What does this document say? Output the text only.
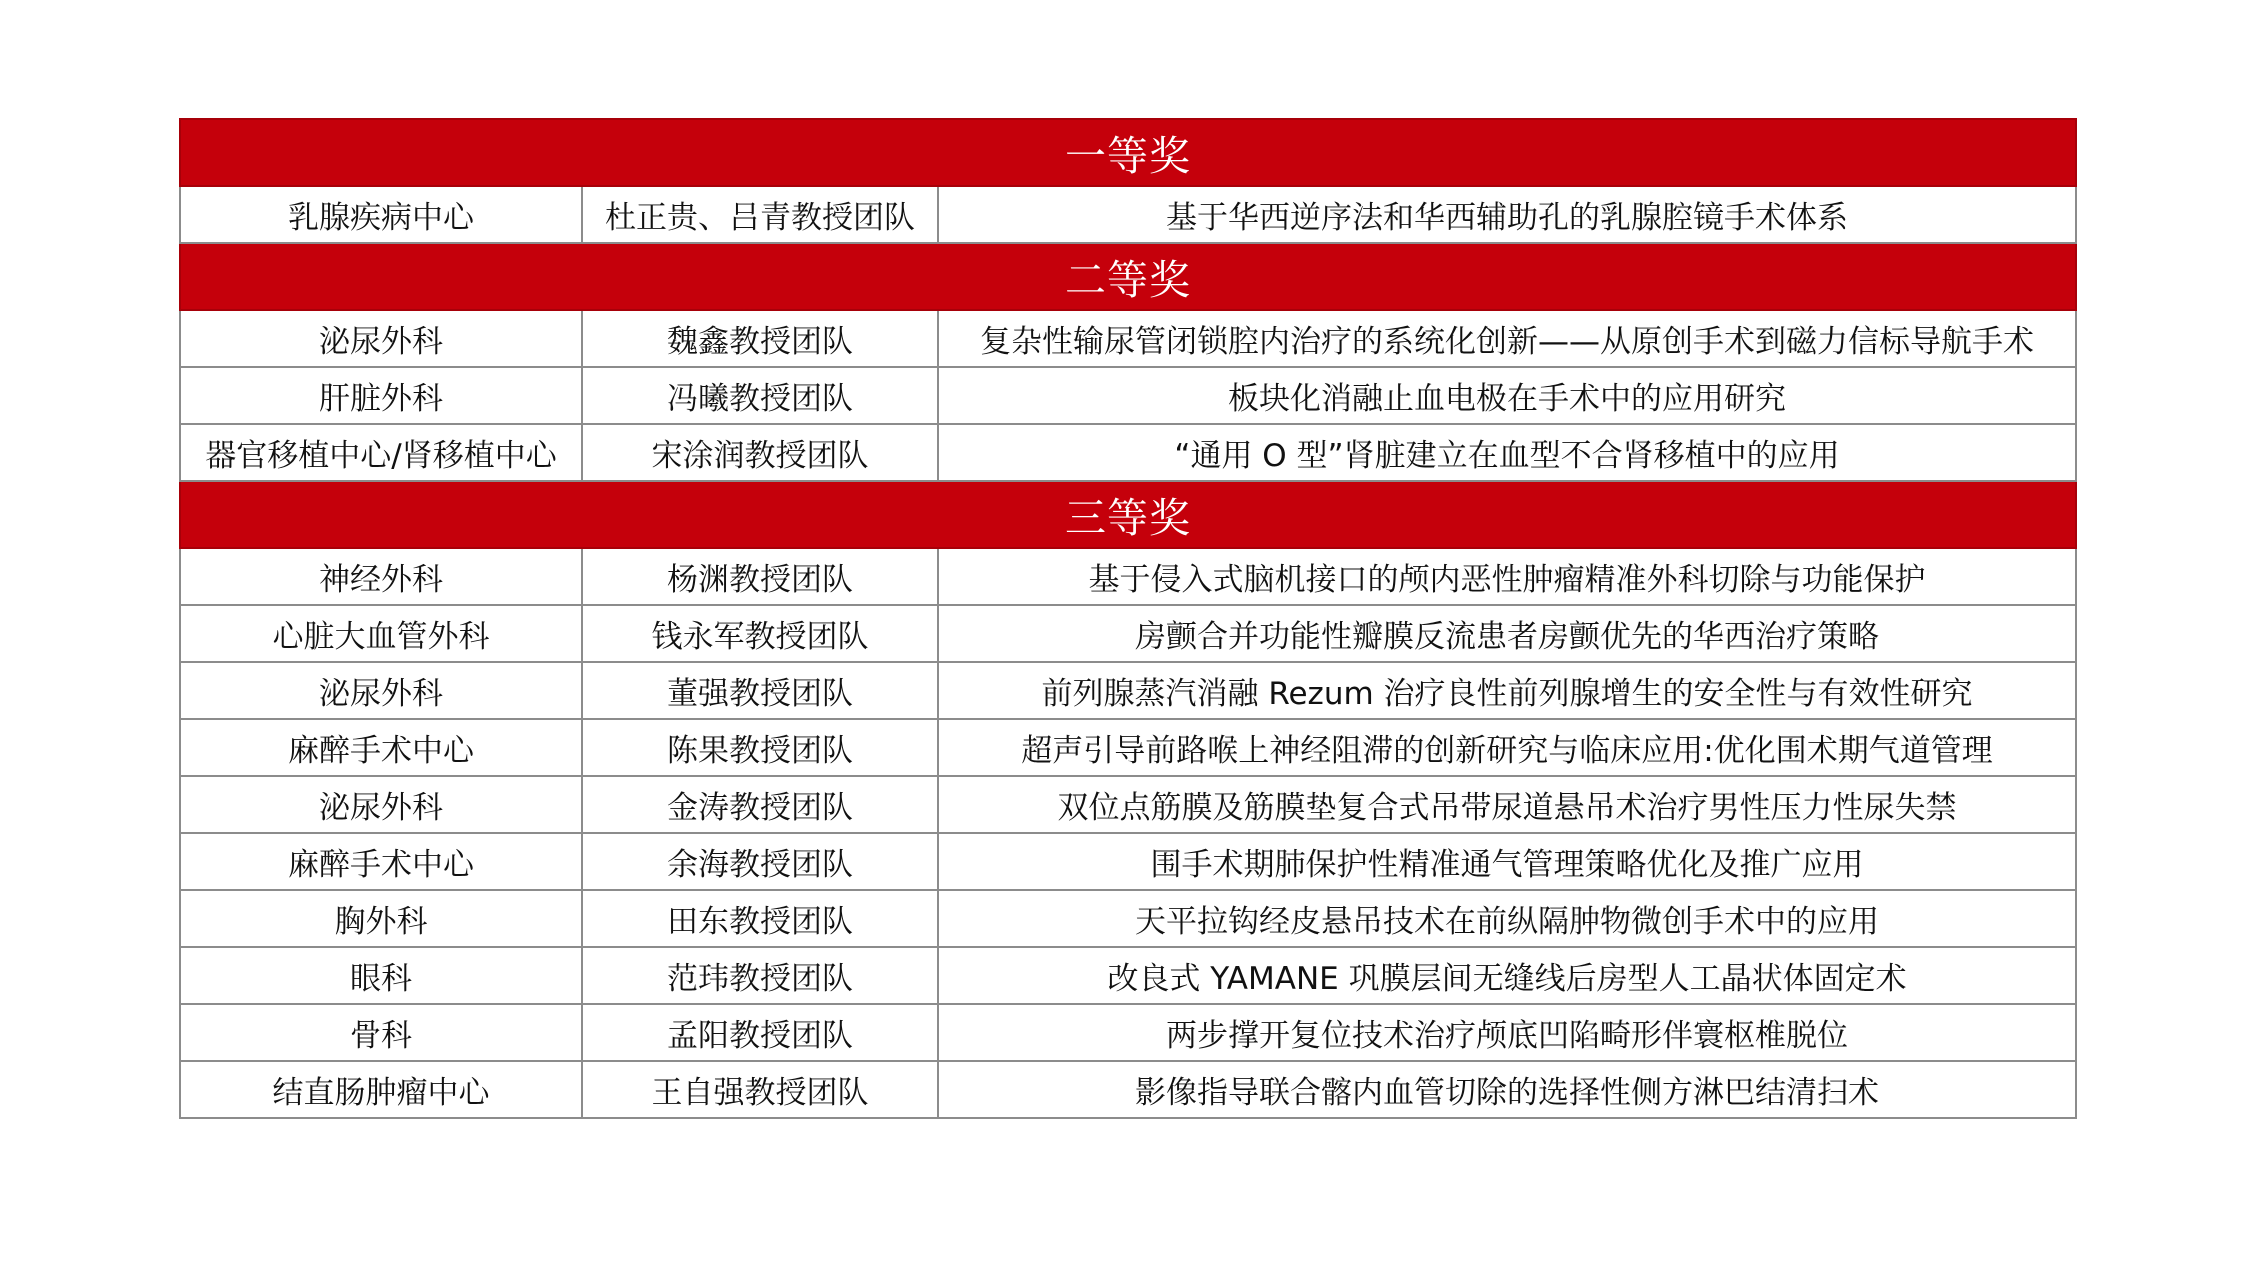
一等奖		
乳腺疾病中心	杜正贵、吕青教授团队	基于华西逆序法和华西辅助孔的乳腺腔镜手术体系
二等奖		
泌尿外科	魏鑫教授团队	复杂性输尿管闭锁腔内治疗的系统化创新——从原创手术到磁力信标导航手术
肝脏外科	冯曦教授团队	板块化消融止血电极在手术中的应用研究
器官移植中心/肾移植中心	宋涂润教授团队	“通用 O 型”肾脏建立在血型不合肾移植中的应用
三等奖		
神经外科	杨渊教授团队	基于侵入式脑机接口的颅内恶性肿瘤精准外科切除与功能保护
心脏大血管外科	钱永军教授团队	房颤合并功能性瓣膜反流患者房颤优先的华西治疗策略
泌尿外科	董强教授团队	前列腺蒸汽消融 Rezum 治疗良性前列腺增生的安全性与有效性研究
麻醉手术中心	陈果教授团队	超声引导前路喉上神经阻滞的创新研究与临床应用:优化围术期气道管理
泌尿外科	金涛教授团队	双位点筋膜及筋膜垫复合式吊带尿道悬吊术治疗男性压力性尿失禁
麻醉手术中心	余海教授团队	围手术期肺保护性精准通气管理策略优化及推广应用
胸外科	田东教授团队	天平拉钩经皮悬吊技术在前纵隔肿物微创手术中的应用
眼科	范玮教授团队	改良式 YAMANE 巩膜层间无缝线后房型人工晶状体固定术
骨科	孟阳教授团队	两步撑开复位技术治疗颅底凹陷畸形伴寰枢椎脱位
结直肠肿瘤中心	王自强教授团队	影像指导联合髂内血管切除的选择性侧方淋巴结清扫术
